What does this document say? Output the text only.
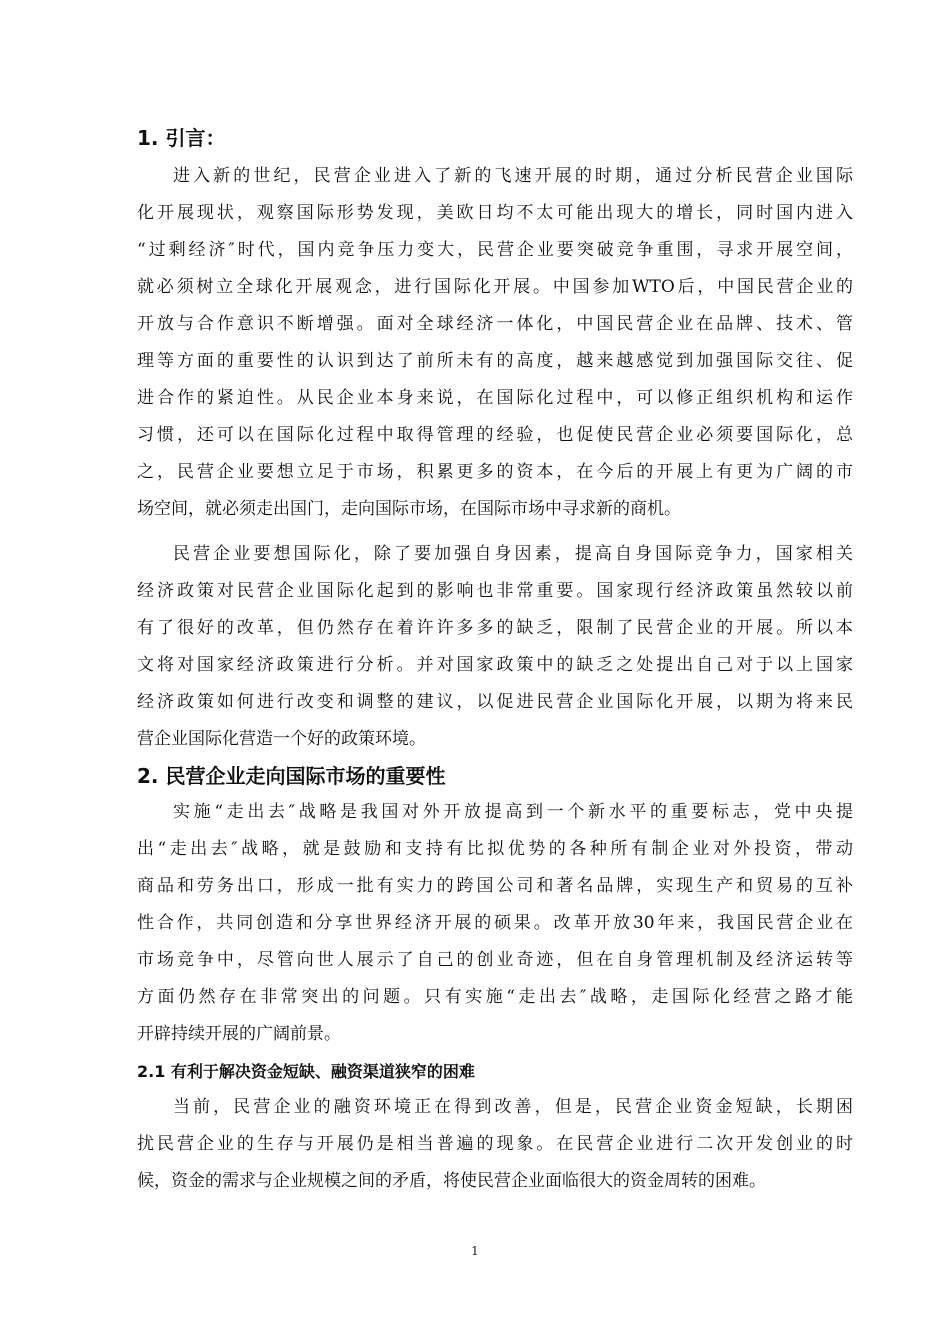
1. 引言：
进入新的世纪，民营企业进入了新的飞速开展的时期，通过分析民营企业国际
化开展现状，观察国际形势发现，美欧日均不太可能出现大的增长，同时国内进入
“过剩经济″时代，国内竞争压力变大，民营企业要突破竞争重围，寻求开展空间，
就必须树立全球化开展观念，进行国际化开展。中国参加WTO后，中国民营企业的
开放与合作意识不断增强。面对全球经济一体化，中国民营企业在品牌、技术、管
理等方面的重要性的认识到达了前所未有的高度，越来越感觉到加强国际交往、促
进合作的紧迫性。从民企业本身来说，在国际化过程中，可以修正组织机构和运作
习惯，还可以在国际化过程中取得管理的经验，也促使民营企业必须要国际化，总
之，民营企业要想立足于市场，积累更多的资本，在今后的开展上有更为广阔的市
场空间，就必须走出国门，走向国际市场，在国际市场中寻求新的商机。
民营企业要想国际化，除了要加强自身因素，提高自身国际竞争力，国家相关
经济政策对民营企业国际化起到的影响也非常重要。国家现行经济政策虽然较以前
有了很好的改革，但仍然存在着许许多多的缺乏，限制了民营企业的开展。所以本
文将对国家经济政策进行分析。并对国家政策中的缺乏之处提出自己对于以上国家
经济政策如何进行改变和调整的建议，以促进民营企业国际化开展，以期为将来民
营企业国际化营造一个好的政策环境。
2. 民营企业走向国际市场的重要性
实施“走出去″战略是我国对外开放提高到一个新水平的重要标志，党中央提
出“走出去″战略，就是鼓励和支持有比拟优势的各种所有制企业对外投资，带动
商品和劳务出口，形成一批有实力的跨国公司和著名品牌，实现生产和贸易的互补
性合作，共同创造和分享世界经济开展的硕果。改革开放30年来，我国民营企业在
市场竞争中，尽管向世人展示了自己的创业奇迹，但在自身管理机制及经济运转等
方面仍然存在非常突出的问题。只有实施“走出去″战略，走国际化经营之路才能
开辟持续开展的广阔前景。
2.1 有利于解决资金短缺、融资渠道狭窄的困难
当前，民营企业的融资环境正在得到改善，但是，民营企业资金短缺，长期困
扰民营企业的生存与开展仍是相当普遍的现象。在民营企业进行二次开发创业的时
候，资金的需求与企业规模之间的矛盾，将使民营企业面临很大的资金周转的困难。
1
